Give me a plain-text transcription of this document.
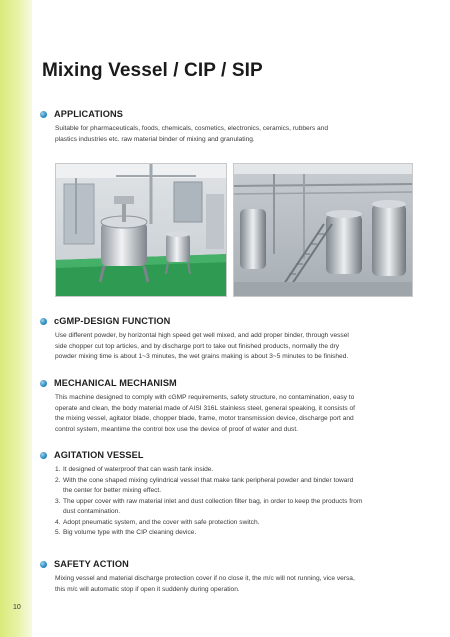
Mixing Vessel / CIP / SIP
APPLICATIONS
Suitable for pharmaceuticals, foods, chemicals, cosmetics, electronics, ceramics, rubbers and
plastics industries etc. raw material binder of mixing and granulating.
cGMP-DESIGN FUNCTION
Use different powder, by horizontal high speed get well mixed, and add proper binder, through vessel
side chopper cut top articles, and by discharge port to take out finished products, normally the dry
powder mixing time is about 1~3 minutes, the wet grains making is about 3~5 minutes to be finished.
MECHANICAL MECHANISM
This machine designed to comply with cGMP requirements, safety structure, no contamination, easy to
operate and clean, the body material made of AISI 316L stainless steel, general speaking, it consists of
the mixing vessel, agitator blade, chopper blade, frame, motor transmission device, discharge port and
control system, meantime the control box use the device of proof of water and dust.
AGITATION VESSEL
1. It designed of waterproof that can wash tank inside.
2. With the cone shaped mixing cylindrical vessel that make tank peripheral powder and binder toward
the center for better mixing effect.
3. The upper cover with raw material inlet and dust collection filter bag, in order to keep the products from
dust contamination.
4. Adopt pneumatic system, and the cover with safe protection switch.
5. Big volume type with the CIP cleaning device.
SAFETY ACTION
Mixing vessel and material discharge protection cover if no close it, the m/c will not running, vice versa,
this m/c will automatic stop if open it suddenly during operation.
10
